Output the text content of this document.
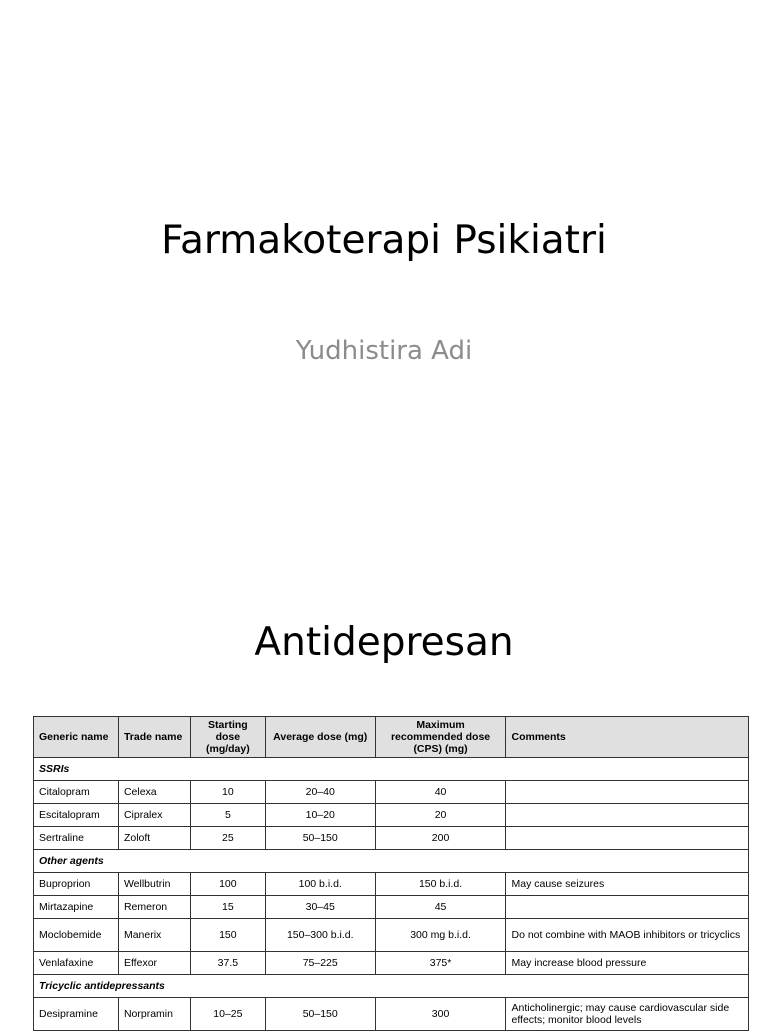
Farmakoterapi Psikiatri
Yudhistira Adi
Antidepresan
Generic name	Trade name	Starting dose (mg/day)	Average dose (mg)	Maximum recommended dose (CPS) (mg)	Comments
SSRIs					
Citalopram	Celexa	10	20–40	40	
Escitalopram	Cipralex	5	10–20	20	
Sertraline	Zoloft	25	50–150	200	
Other agents					
Buproprion	Wellbutrin	100	100 b.i.d.	150 b.i.d.	May cause seizures
Mirtazapine	Remeron	15	30–45	45	
Moclobemide	Manerix	150	150–300 b.i.d.	300 mg b.i.d.	Do not combine with MAOB inhibitors or tricyclics
Venlafaxine	Effexor	37.5	75–225	375*	May increase blood pressure
Tricyclic antidepressants					
Desipramine	Norpramin	10–25	50–150	300	Anticholinergic; may cause cardiovascular side effects; monitor blood levels
